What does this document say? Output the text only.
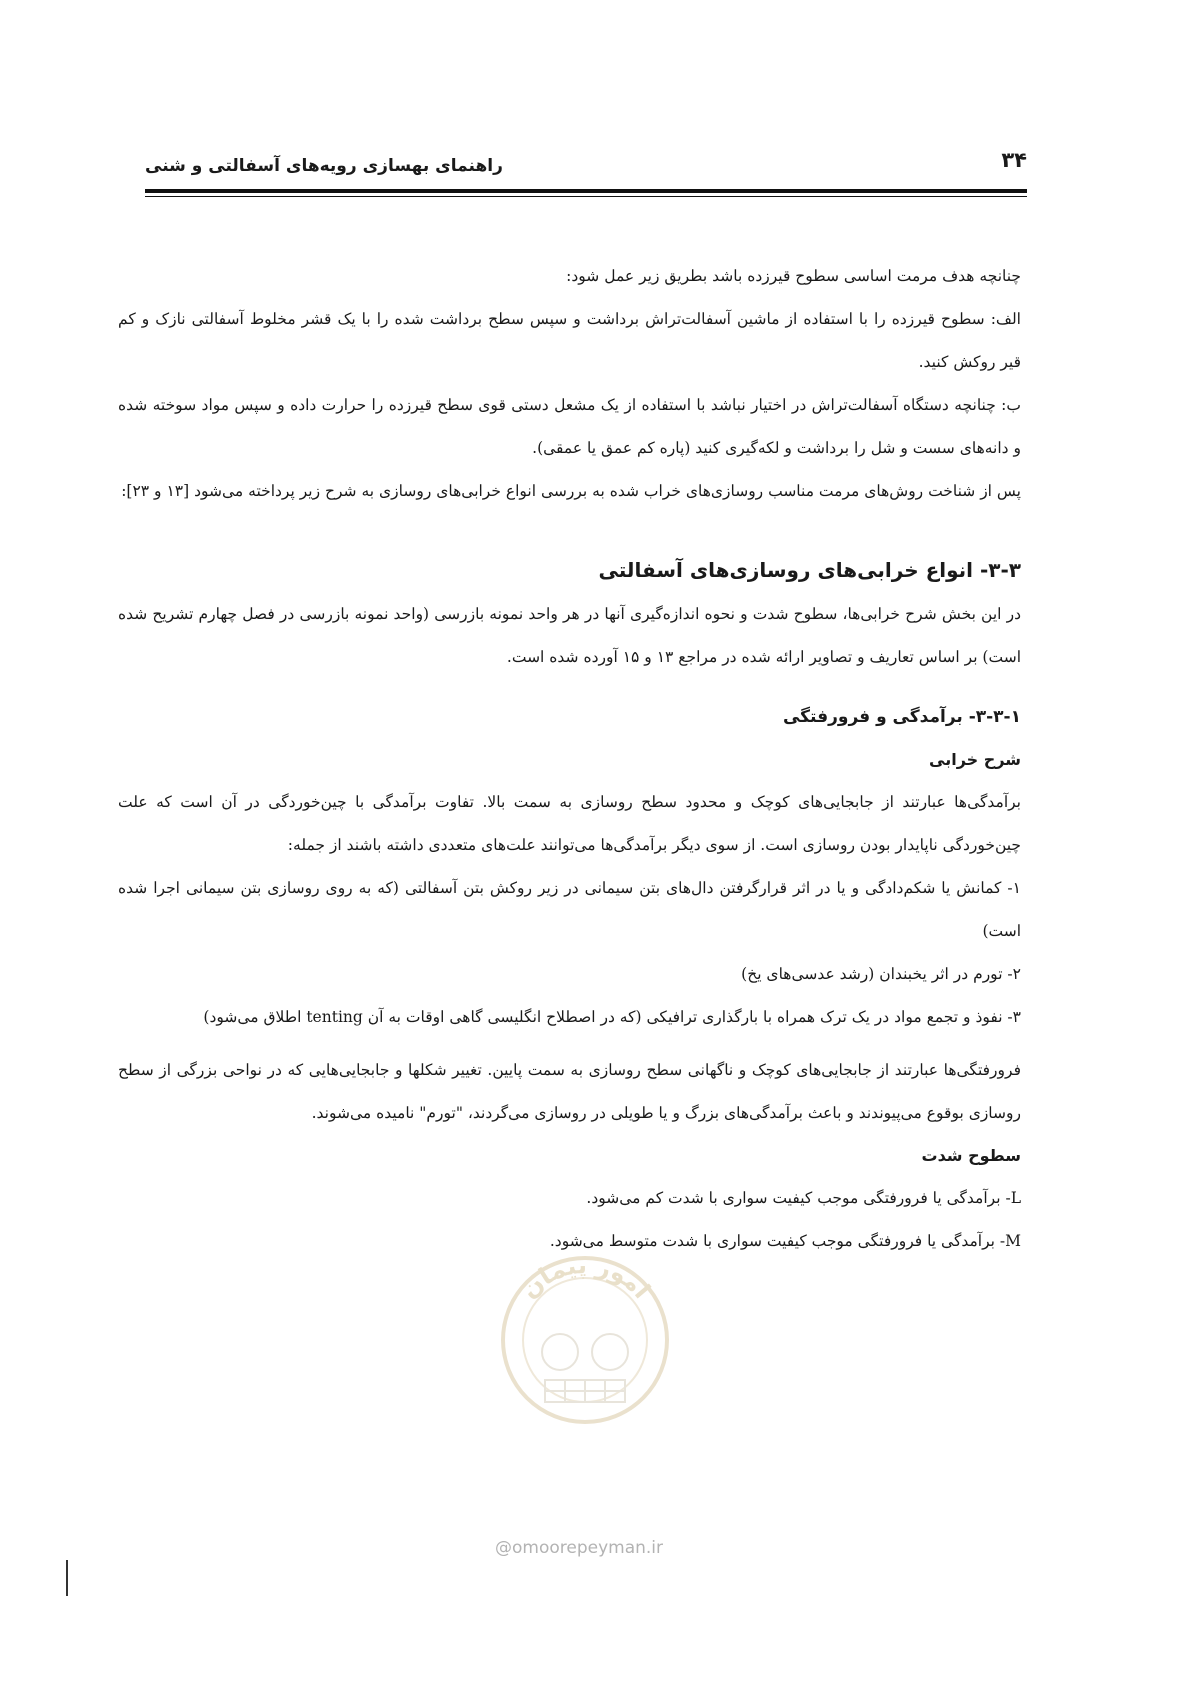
۳۴
راهنمای بهسازی رویه‌های آسفالتی و شنی

چنانچه هدف مرمت اساسی سطوح قیرزده باشد بطریق زیر عمل شود:

الف: سطوح قیرزده را با استفاده از ماشین آسفالت‌تراش برداشت و سپس سطح برداشت شده را با یک قشر مخلوط آسفالتی نازک و کم قیر روکش کنید.

ب: چنانچه دستگاه آسفالت‌تراش در اختیار نباشد با استفاده از یک مشعل دستی قوی سطح قیرزده را حرارت داده و سپس مواد سوخته شده و دانه‌های سست و شل را برداشت و لکه‌گیری کنید (پاره کم عمق یا عمقی).

پس از شناخت روش‌های مرمت مناسب روسازی‌های خراب شده به بررسی انواع خرابی‌های روسازی به شرح زیر پرداخته می‌شود [۱۳ و ۲۳]:

۳-۳- انواع خرابی‌های روسازی‌های آسفالتی

در این بخش شرح خرابی‌ها، سطوح شدت و نحوه اندازه‌گیری آنها در هر واحد نمونه بازرسی (واحد نمونه بازرسی در فصل چهارم تشریح شده است) بر اساس تعاریف و تصاویر ارائه شده در مراجع ۱۳ و ۱۵ آورده شده است.

۳-۳-۱- برآمدگی و فرورفتگی

شرح خرابی

برآمدگی‌ها عبارتند از جابجایی‌های کوچک و محدود سطح روسازی به سمت بالا. تفاوت برآمدگی با چین‌خوردگی در آن است که علت چین‌خوردگی ناپایدار بودن روسازی است. از سوی دیگر برآمدگی‌ها می‌توانند علت‌های متعددی داشته باشند از جمله:

۱- کمانش یا شکم‌دادگی و یا در اثر قرارگرفتن دال‌های بتن سیمانی در زیر روکش بتن آسفالتی (که به روی روسازی بتن سیمانی اجرا شده است)

۲- تورم در اثر یخبندان (رشد عدسی‌های یخ)

۳- نفوذ و تجمع مواد در یک ترک همراه با بارگذاری ترافیکی (که در اصطلاح انگلیسی گاهی اوقات به آن tenting اطلاق می‌شود)

فرورفتگی‌ها عبارتند از جابجایی‌های کوچک و ناگهانی سطح روسازی به سمت پایین. تغییر شکلها و جابجایی‌هایی که در نواحی بزرگی از سطح روسازی بوقوع می‌پیوندند و باعث برآمدگی‌های بزرگ و یا طویلی در روسازی می‌گردند، "تورم" نامیده می‌شوند.

سطوح شدت

L- برآمدگی یا فرورفتگی موجب کیفیت سواری با شدت کم می‌شود.

M- برآمدگی یا فرورفتگی موجب کیفیت سواری با شدت متوسط می‌شود.

امور پیمان
@omoorepeyman.ir
